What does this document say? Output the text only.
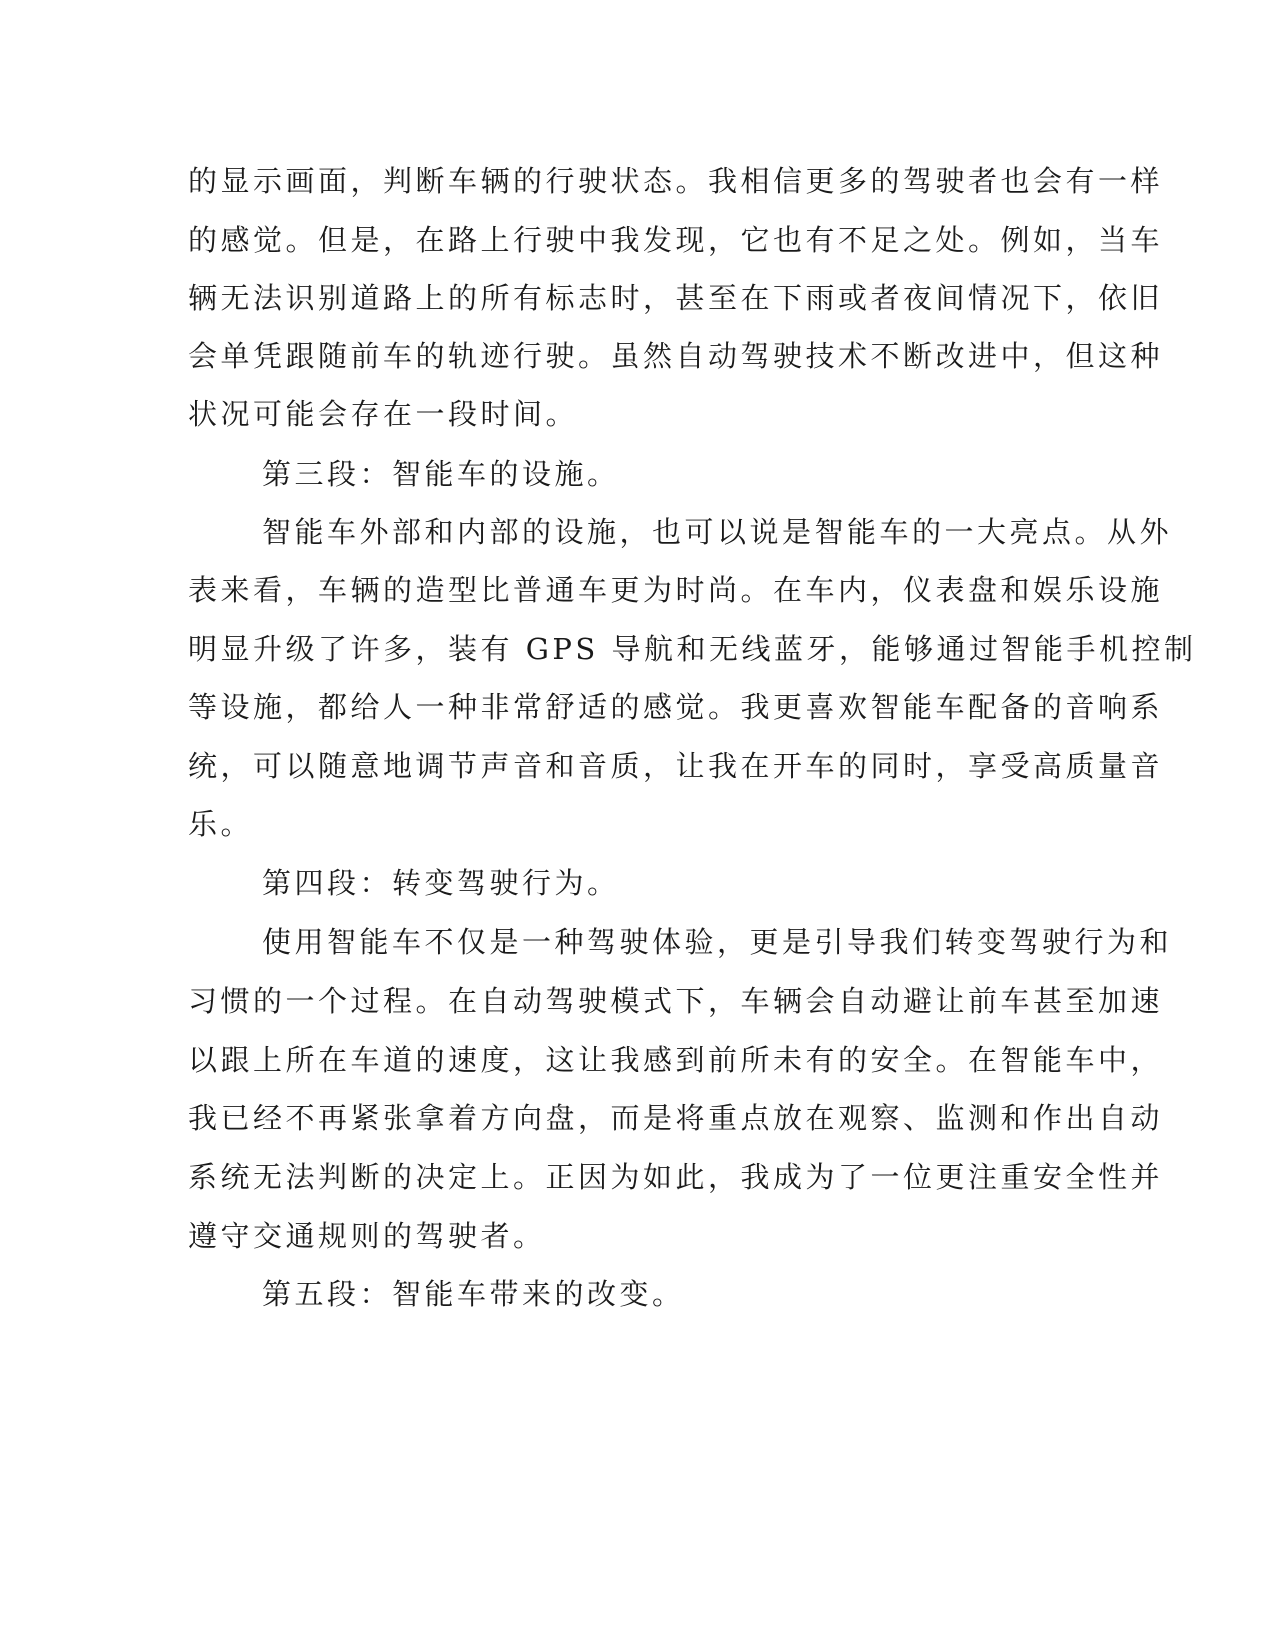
的显示画面，判断车辆的行驶状态。我相信更多的驾驶者也会有一样
的感觉。但是，在路上行驶中我发现，它也有不足之处。例如，当车
辆无法识别道路上的所有标志时，甚至在下雨或者夜间情况下，依旧
会单凭跟随前车的轨迹行驶。虽然自动驾驶技术不断改进中，但这种
状况可能会存在一段时间。
第三段：智能车的设施。
智能车外部和内部的设施，也可以说是智能车的一大亮点。从外
表来看，车辆的造型比普通车更为时尚。在车内，仪表盘和娱乐设施
明显升级了许多，装有 GPS 导航和无线蓝牙，能够通过智能手机控制
等设施，都给人一种非常舒适的感觉。我更喜欢智能车配备的音响系
统，可以随意地调节声音和音质，让我在开车的同时，享受高质量音
乐。
第四段：转变驾驶行为。
使用智能车不仅是一种驾驶体验，更是引导我们转变驾驶行为和
习惯的一个过程。在自动驾驶模式下，车辆会自动避让前车甚至加速
以跟上所在车道的速度，这让我感到前所未有的安全。在智能车中，
我已经不再紧张拿着方向盘，而是将重点放在观察、监测和作出自动
系统无法判断的决定上。正因为如此，我成为了一位更注重安全性并
遵守交通规则的驾驶者。
第五段：智能车带来的改变。
